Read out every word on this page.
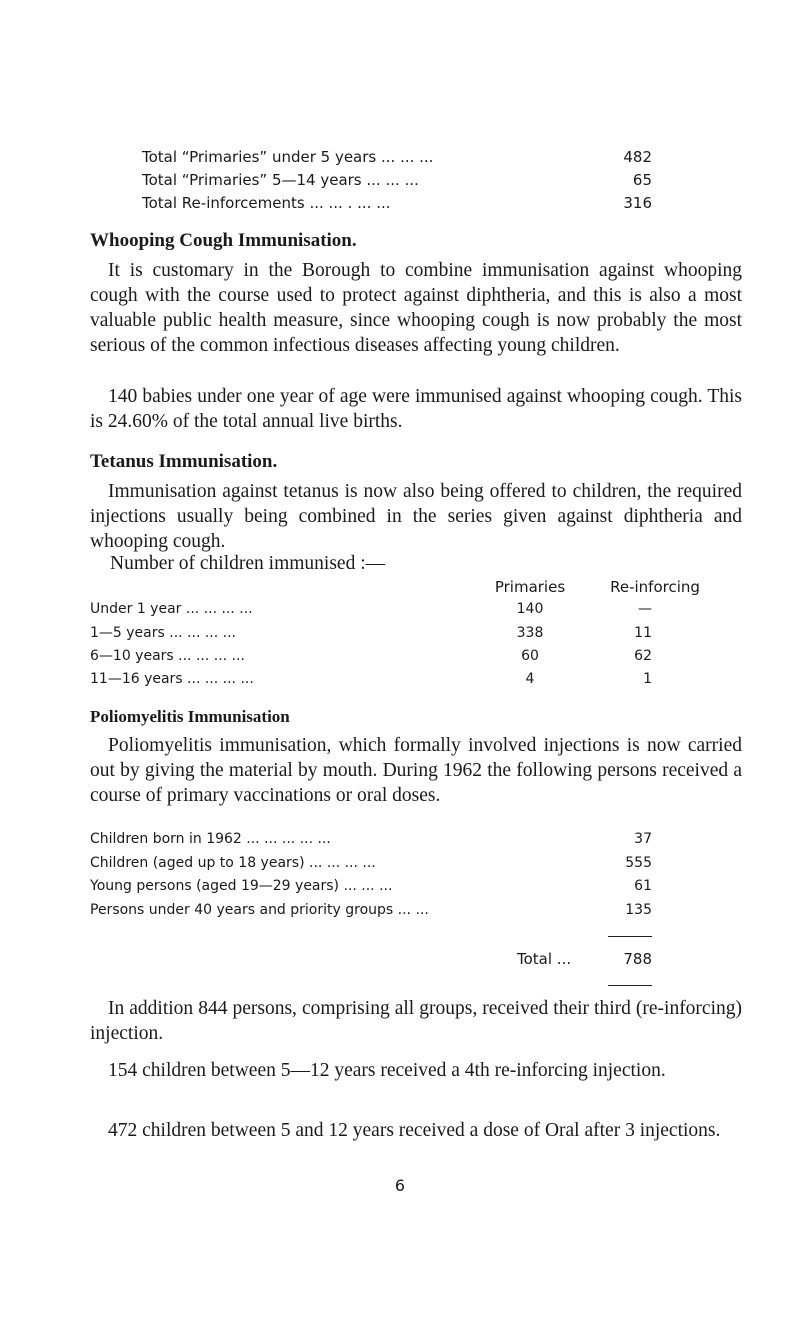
Total “Primaries” under 5 years ... ... ...	482
Total “Primaries” 5—14 years ... ... ...	65
Total Re-inforcements ... ... . ... ...	316
Whooping Cough Immunisation.
It is customary in the Borough to combine immunisation against whooping cough with the course used to protect against diphtheria, and this is also a most valuable public health measure, since whooping cough is now probably the most serious of the common infectious diseases affecting young children.
140 babies under one year of age were immunised against whooping cough. This is 24.60% of the total annual live births.
Tetanus Immunisation.
Immunisation against tetanus is now also being offered to children, the required injections usually being combined in the series given against diphtheria and whooping cough.
Number of children immunised :—
Primaries	Re-inforcing
Under 1 year ... ... ... ...	140	—
1—5 years ... ... ... ...	338	11
6—10 years ... ... ... ...	60	62
11—16 years ... ... ... ...	4	1
Poliomyelitis Immunisation
Poliomyelitis immunisation, which formally involved injections is now carried out by giving the material by mouth. During 1962 the following persons received a course of primary vaccinations or oral doses.
Children born in 1962 ... ... ... ... ...	37
Children (aged up to 18 years) ... ... ... ...	555
Young persons (aged 19—29 years) ... ... ...	61
Persons under 40 years and priority groups ... ...	135
Total ...	788
In addition 844 persons, comprising all groups, received their third (re-inforcing) injection.
154 children between 5—12 years received a 4th re-inforcing injection.
472 children between 5 and 12 years received a dose of Oral after 3 injections.
6
